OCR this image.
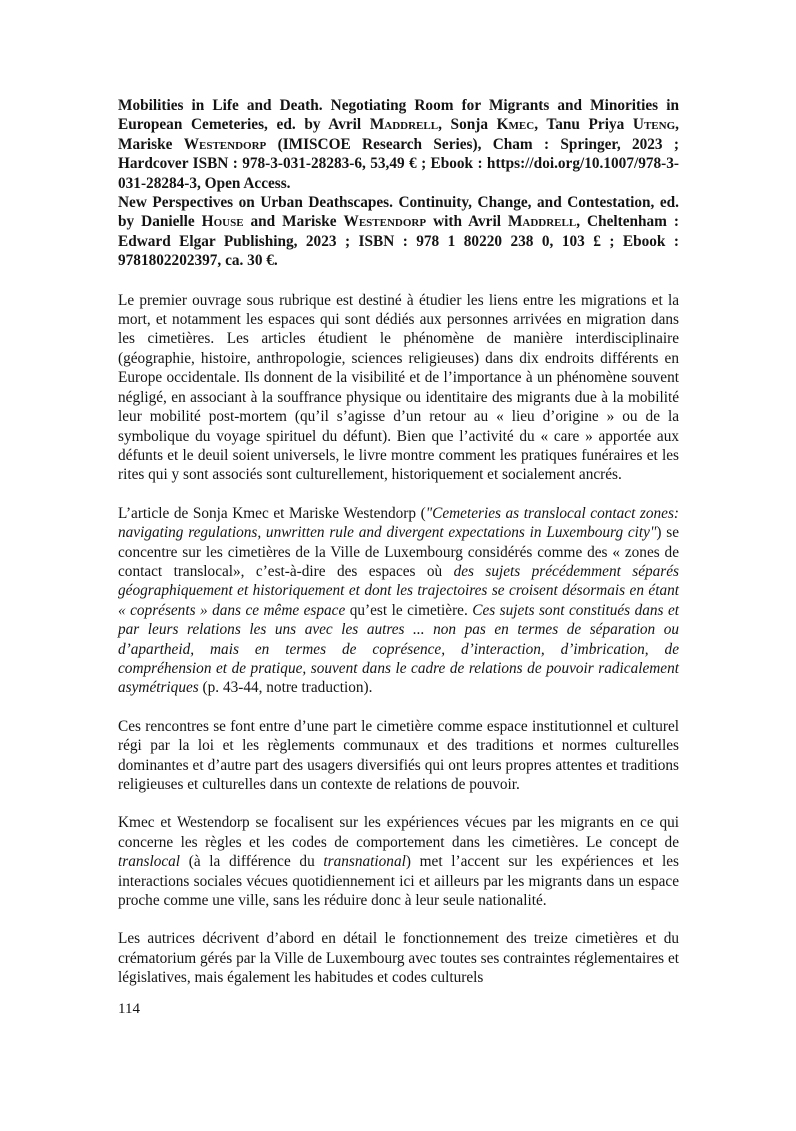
Mobilities in Life and Death. Negotiating Room for Migrants and Minorities in European Cemeteries, ed. by Avril Maddrell, Sonja Kmec, Tanu Priya Uteng, Mariske Westendorp (IMISCOE Research Series), Cham : Springer, 2023 ; Hardcover ISBN : 978-3-031-28283-6, 53,49 € ; Ebook : https://doi.org/10.1007/978-3-031-28284-3, Open Access.

New Perspectives on Urban Deathscapes. Continuity, Change, and Contestation, ed. by Danielle House and Mariske Westendorp with Avril Maddrell, Cheltenham : Edward Elgar Publishing, 2023 ; ISBN : 978 1 80220 238 0, 103 £ ; Ebook : 9781802202397, ca. 30 €.

Le premier ouvrage sous rubrique est destiné à étudier les liens entre les migrations et la mort, et notamment les espaces qui sont dédiés aux personnes arrivées en migration dans les cimetières. Les articles étudient le phénomène de manière interdisciplinaire (géographie, histoire, anthropologie, sciences religieuses) dans dix endroits différents en Europe occidentale. Ils donnent de la visibilité et de l’importance à un phénomène souvent négligé, en associant à la souffrance physique ou identitaire des migrants due à la mobilité leur mobilité post-mortem (qu’il s’agisse d’un retour au « lieu d’origine » ou de la symbolique du voyage spirituel du défunt). Bien que l’activité du « care » apportée aux défunts et le deuil soient universels, le livre montre comment les pratiques funéraires et les rites qui y sont associés sont culturellement, historiquement et socialement ancrés.

L’article de Sonja Kmec et Mariske Westendorp ("Cemeteries as translocal contact zones: navigating regulations, unwritten rule and divergent expectations in Luxembourg city") se concentre sur les cimetières de la Ville de Luxembourg considérés comme des « zones de contact translocal», c’est-à-dire des espaces où des sujets précédemment séparés géographiquement et historiquement et dont les trajectoires se croisent désormais en étant « coprésents » dans ce même espace qu’est le cimetière. Ces sujets sont constitués dans et par leurs relations les uns avec les autres ... non pas en termes de séparation ou d’apartheid, mais en termes de coprésence, d’interaction, d’imbrication, de compréhension et de pratique, souvent dans le cadre de relations de pouvoir radicalement asymétriques (p. 43-44, notre traduction).

Ces rencontres se font entre d’une part le cimetière comme espace institutionnel et culturel régi par la loi et les règlements communaux et des traditions et normes culturelles dominantes et d’autre part des usagers diversifiés qui ont leurs propres attentes et traditions religieuses et culturelles dans un contexte de relations de pouvoir.

Kmec et Westendorp se focalisent sur les expériences vécues par les migrants en ce qui concerne les règles et les codes de comportement dans les cimetières. Le concept de translocal (à la différence du transnational) met l’accent sur les expériences et les interactions sociales vécues quotidiennement ici et ailleurs par les migrants dans un espace proche comme une ville, sans les réduire donc à leur seule nationalité.

Les autrices décrivent d’abord en détail le fonctionnement des treize cimetières et du crématorium gérés par la Ville de Luxembourg avec toutes ses contraintes réglementaires et législatives, mais également les habitudes et codes culturels

114
